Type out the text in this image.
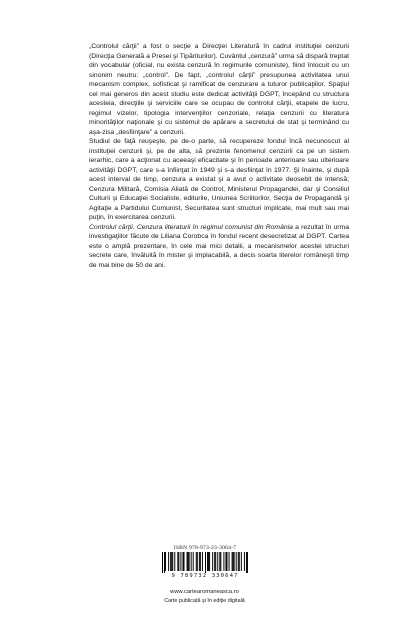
„Controlul cărţii” a fost o secţie a Direcţiei Literatură în cadrul instituţiei cenzurii (Direcţia Generală a Presei şi Tipăriturilor). Cuvântul „cenzură” urma să dispară treptat din vocabular (oficial, nu exista cenzură în regimurile comuniste), fiind înlocuit cu un sinonim neutru: „control”. De fapt, „controlul cărţii” presupunea activitatea unui mecanism complex, sofisticat şi ramificat de cenzurare a tuturor publicaţiilor. Spaţiul cel mai generos din acest studiu este dedicat activităţii DGPT, începând cu structura acesteia, direcţiile şi serviciile care se ocupau de controlul cărţii, etapele de lucru, regimul vizelor, tipologia intervenţiilor cenzoriale, relaţia cenzurii cu literatura minorităţilor naţionale şi cu sistemul de apărare a secretului de stat şi terminând cu aşa-zisa „desfiinţare” a cenzurii.

Studiul de faţă reuşeşte, pe de-o parte, să recupereze fondul încă necunoscut al instituţiei cenzurii şi, pe de alta, să prezinte fenomenul cenzurii ca pe un sistem ierarhic, care a acţionat cu aceeaşi eficacitate şi în perioade anterioare sau ulterioare activităţii DGPT, care s-a înfiinţat în 1949 şi s-a desfiinţat în 1977. Şi înainte, şi după acest interval de timp, cenzura a existat şi a avut o activitate deosebit de intensă; Cenzura Militară, Comisia Aliată de Control, Ministerul Propagandei, dar şi Consiliul Culturii şi Educaţiei Socialiste, editurile, Uniunea Scriitorilor, Secţia de Propagandă şi Agitaţie a Partidului Comunist, Securitatea sunt structuri implicate, mai mult sau mai puţin, în exercitarea cenzurii.

Controlul cărţii. Cenzura literaturii în regimul comunist din România a rezultat în urma investigaţiilor făcute de Liliana Corobca în fondul recent desecretizat al DGPT. Cartea este o amplă prezentare, în cele mai mici detalii, a mecanismelor acestei structuri secrete care, învăluită în mister şi implacabilă, a decis soarta literelor româneşti timp de mai bine de 50 de ani.

ISBN 978-973-23-3064-7
9 789732 330647
www.cartearomaneasca.ro
Carte publicată şi în ediţie digitală
